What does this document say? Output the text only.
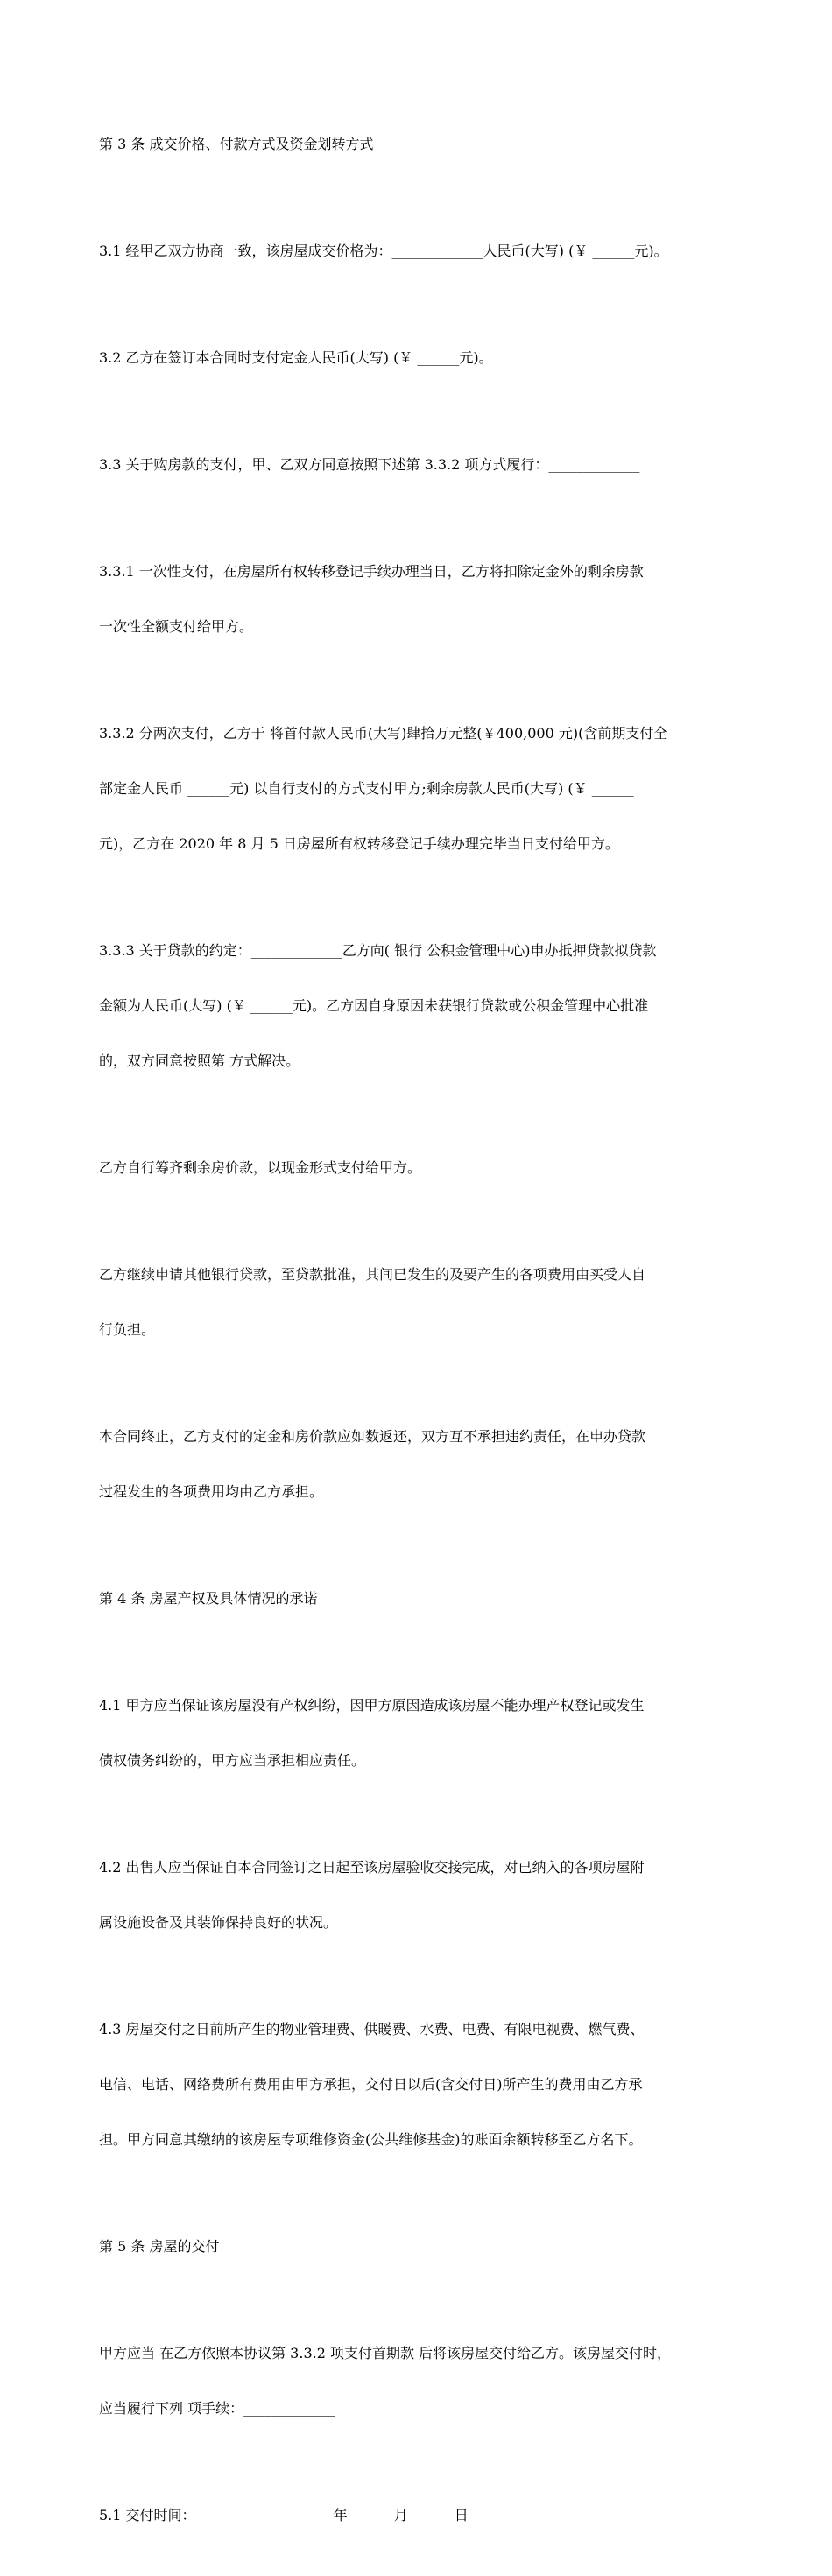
第 3 条 成交价格、付款方式及资金划转方式

3.1 经甲乙双方协商一致，该房屋成交价格为：_____________人民币(大写) (￥ ______元)。

3.2 乙方在签订本合同时支付定金人民币(大写) (￥ ______元)。

3.3 关于购房款的支付，甲、乙双方同意按照下述第 3.3.2 项方式履行：_____________

3.3.1 一次性支付，在房屋所有权转移登记手续办理当日，乙方将扣除定金外的剩余房款

一次性全额支付给甲方。

3.3.2 分两次支付，乙方于 将首付款人民币(大写)肆拾万元整(￥400,000 元)(含前期支付全

部定金人民币 ______元) 以自行支付的方式支付甲方;剩余房款人民币(大写) (￥ ______

元)，乙方在 2020 年 8 月 5 日房屋所有权转移登记手续办理完毕当日支付给甲方。

3.3.3 关于贷款的约定：_____________乙方向( 银行 公积金管理中心)申办抵押贷款拟贷款

金额为人民币(大写) (￥ ______元)。乙方因自身原因未获银行贷款或公积金管理中心批准

的，双方同意按照第 方式解决。

乙方自行筹齐剩余房价款，以现金形式支付给甲方。

乙方继续申请其他银行贷款，至贷款批准，其间已发生的及要产生的各项费用由买受人自

行负担。

本合同终止，乙方支付的定金和房价款应如数返还，双方互不承担违约责任，在申办贷款

过程发生的各项费用均由乙方承担。

第 4 条 房屋产权及具体情况的承诺

4.1 甲方应当保证该房屋没有产权纠纷，因甲方原因造成该房屋不能办理产权登记或发生

债权债务纠纷的，甲方应当承担相应责任。

4.2 出售人应当保证自本合同签订之日起至该房屋验收交接完成，对已纳入的各项房屋附

属设施设备及其装饰保持良好的状况。

4.3 房屋交付之日前所产生的物业管理费、供暖费、水费、电费、有限电视费、燃气费、

电信、电话、网络费所有费用由甲方承担，交付日以后(含交付日)所产生的费用由乙方承

担。甲方同意其缴纳的该房屋专项维修资金(公共维修基金)的账面余额转移至乙方名下。

第 5 条 房屋的交付

甲方应当 在乙方依照本协议第 3.3.2 项支付首期款 后将该房屋交付给乙方。该房屋交付时，

应当履行下列 项手续：_____________

5.1 交付时间：_____________ ______年 ______月 ______日
